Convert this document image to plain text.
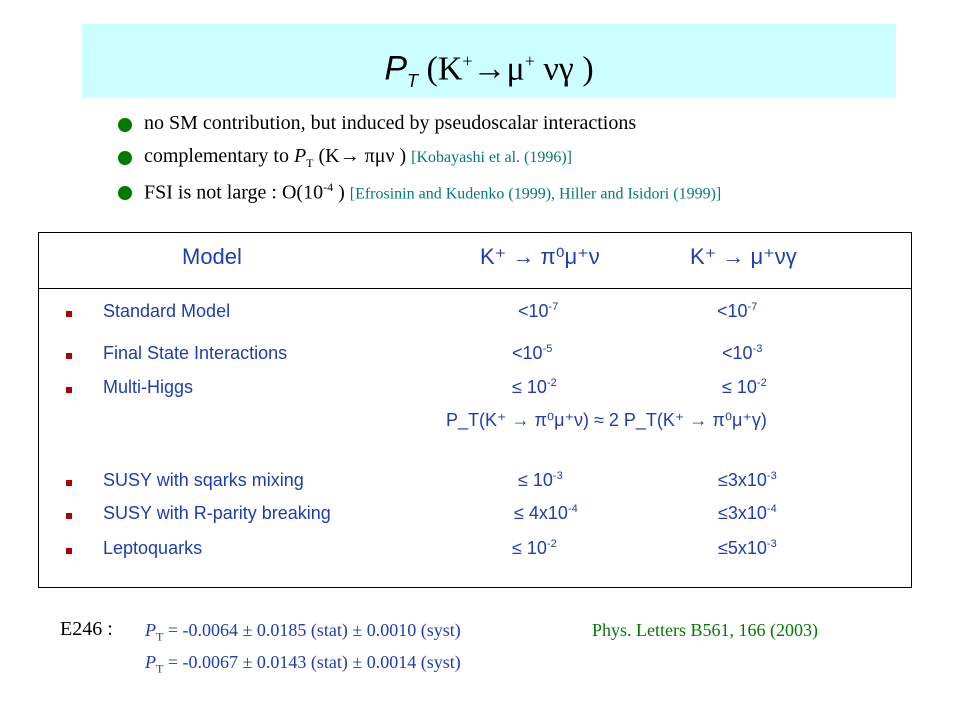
$P_T$ (K+→μ+ νγ )
no SM contribution, but induced by pseudoscalar interactions
complementary to $P_T$ (K→ πμν ) [Kobayashi et al. (1996)]
FSI is not large : $O(10^{-4}$ ) [Efrosinin and Kudenko (1999), Hiller and Isidori (1999)]
Model	K⁺ → π⁰μ⁺ν	K⁺ → μ⁺νγ
Standard Model	$<10^{-7}$	$<10^{-7}$
Final State Interactions	$<10^{-5}$	$<10^{-3}$
Multi-Higgs	≤ $10^{-2}$	≤ $10^{-2}$
P_T(K⁺ → π⁰μ⁺ν) ≈ 2 P_T(K⁺ → π⁰μ⁺γ)
SUSY with sqarks mixing	≤ $10^{-3}$	$\le 3x10^{-3}$
SUSY with R-parity breaking	≤ $4x10^{-4}$	$\le 3x10^{-4}$
Leptoquarks	≤ $10^{-2}$	$\le 5x10^{-3}$
E246 : $P_T = -0.0064 \pm 0.0185$ (stat) ± 0.0010 (syst)	Phys. Letters B561, 166 (2003)
$P_T = -0.0067 \pm 0.0143$ (stat) ± 0.0014 (syst)
